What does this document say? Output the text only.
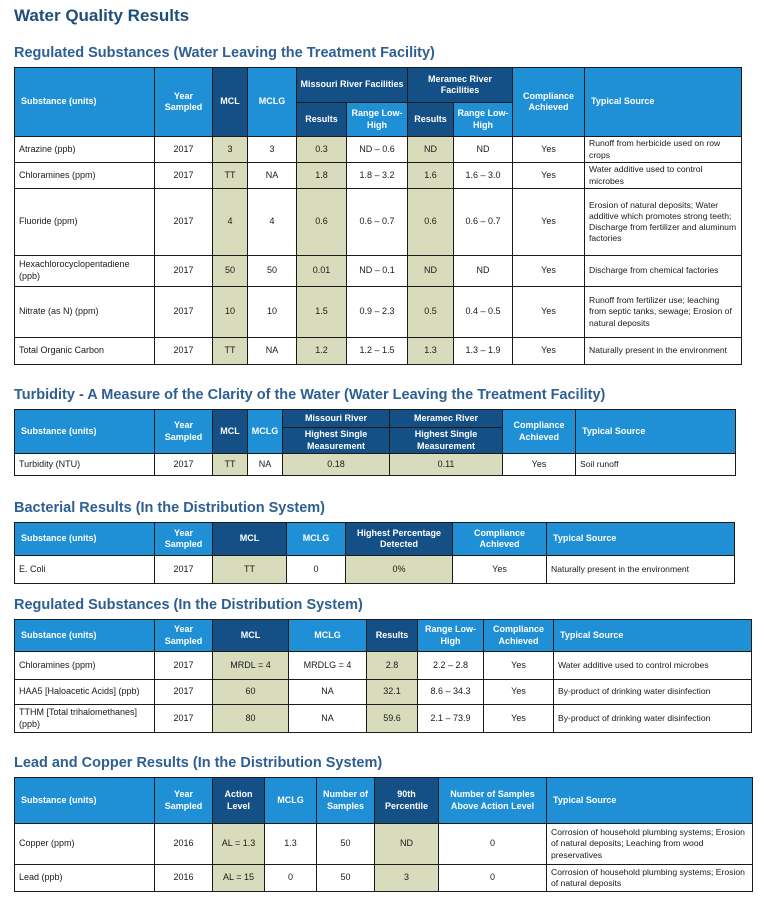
Water Quality Results
Regulated Substances (Water Leaving the Treatment Facility)
Substance (units)	Year Sampled	MCL	MCLG	Missouri River Facilities		Meramec River Facilities		Compliance Achieved	Typical Source
				Results	Range Low-High	Results	Range Low-High		
Atrazine (ppb)	2017	3	3	0.3	ND – 0.6	ND	ND	Yes	Runoff from herbicide used on row crops
Chloramines (ppm)	2017	TT	NA	1.8	1.8 – 3.2	1.6	1.6 – 3.0	Yes	Water additive used to control microbes
Fluoride (ppm)	2017	4	4	0.6	0.6 – 0.7	0.6	0.6 – 0.7	Yes	Erosion of natural deposits; Water additive which promotes strong teeth; Discharge from fertilizer and aluminum factories
Hexachlorocyclopentadiene (ppb)	2017	50	50	0.01	ND – 0.1	ND	ND	Yes	Discharge from chemical factories
Nitrate (as N) (ppm)	2017	10	10	1.5	0.9 – 2.3	0.5	0.4 – 0.5	Yes	Runoff from fertilizer use; leaching from septic tanks, sewage; Erosion of natural deposits
Total Organic Carbon	2017	TT	NA	1.2	1.2 – 1.5	1.3	1.3 – 1.9	Yes	Naturally present in the environment
Turbidity - A Measure of the Clarity of the Water (Water Leaving the Treatment Facility)
Substance (units)	Year Sampled	MCL	MCLG	Missouri River	Meramec River	Compliance Achieved	Typical Source
				Highest Single Measurement	Highest Single Measurement		
Turbidity (NTU)	2017	TT	NA	0.18	0.11	Yes	Soil runoff
Bacterial Results (In the Distribution System)
Substance (units)	Year Sampled	MCL	MCLG	Highest Percentage Detected	Compliance Achieved	Typical Source
E. Coli	2017	TT	0	0%	Yes	Naturally present in the environment
Regulated Substances (In the Distribution System)
Substance (units)	Year Sampled	MCL	MCLG	Results	Range Low-High	Compliance Achieved	Typical Source
Chloramines (ppm)	2017	MRDL = 4	MRDLG = 4	2.8	2.2 – 2.8	Yes	Water additive used to control microbes
HAA5 [Haloacetic Acids] (ppb)	2017	60	NA	32.1	8.6 – 34.3	Yes	By-product of drinking water disinfection
TTHM [Total trihalomethanes] (ppb)	2017	80	NA	59.6	2.1 – 73.9	Yes	By-product of drinking water disinfection
Lead and Copper Results (In the Distribution System)
Substance (units)	Year Sampled	Action Level	MCLG	Number of Samples	90th Percentile	Number of Samples Above Action Level	Typical Source
Copper (ppm)	2016	AL = 1.3	1.3	50	ND	0	Corrosion of household plumbing systems; Erosion of natural deposits; Leaching from wood preservatives
Lead (ppb)	2016	AL = 15	0	50	3	0	Corrosion of household plumbing systems; Erosion of natural deposits
